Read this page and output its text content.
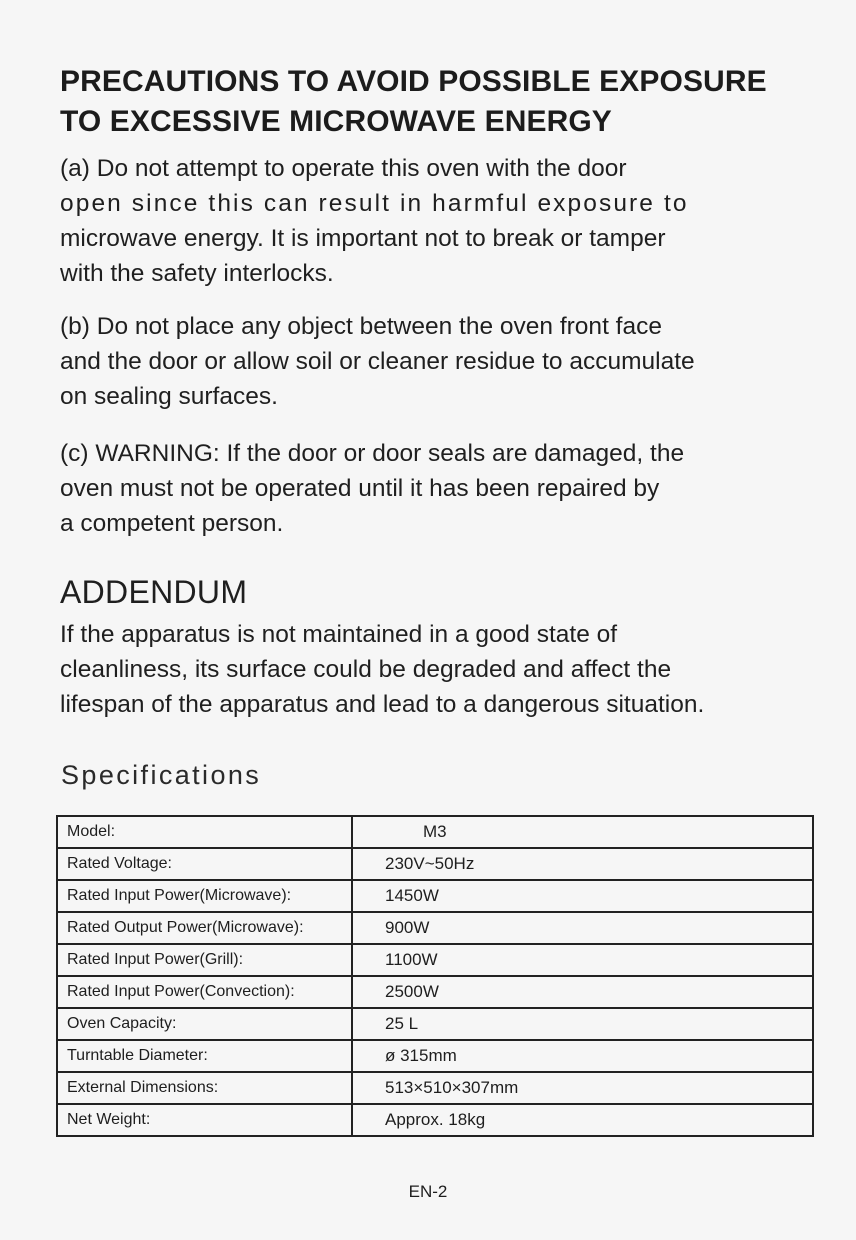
PRECAUTIONS TO AVOID POSSIBLE EXPOSURE
TO EXCESSIVE MICROWAVE ENERGY
(a) Do not attempt to operate this oven with the door
open since this can result in harmful exposure to
microwave energy. It is important not to break or tamper
with the safety interlocks.
(b) Do not place any object between the oven front face
and the door or allow soil or cleaner residue to accumulate
on sealing surfaces.
(c) WARNING: If the door or door seals are damaged, the
oven must not be operated until it has been repaired by
a competent person.
ADDENDUM
If the apparatus is not maintained in a good state of
cleanliness, its surface could be degraded and affect the
lifespan of the apparatus and lead to a dangerous situation.
Specifications
Model:	M3
Rated Voltage:	230V~50Hz
Rated Input Power(Microwave):	1450W
Rated Output Power(Microwave):	900W
Rated Input Power(Grill):	1100W
Rated Input Power(Convection):	2500W
Oven Capacity:	25 L
Turntable Diameter:	ø 315mm
External Dimensions:	513×510×307mm
Net Weight:	Approx. 18kg
EN-2
